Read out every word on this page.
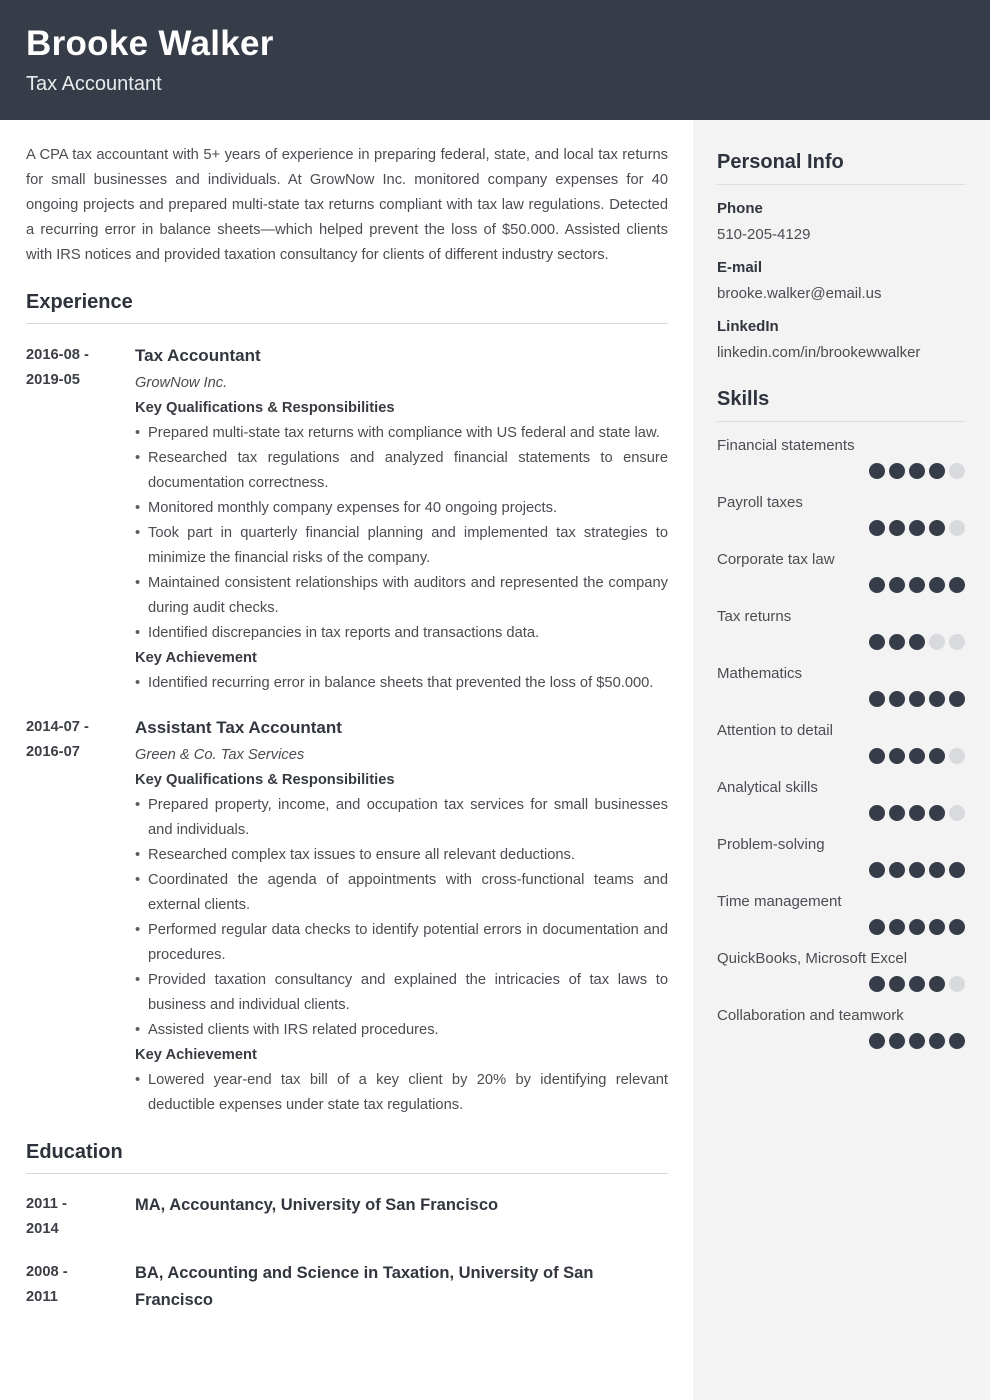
Brooke Walker
Tax Accountant

A CPA tax accountant with 5+ years of experience in preparing federal, state, and local tax returns for small businesses and individuals. At GrowNow Inc. monitored company expenses for 40 ongoing projects and prepared multi-state tax returns compliant with tax law regulations. Detected a recurring error in balance sheets—which helped prevent the loss of $50.000. Assisted clients with IRS notices and provided taxation consultancy for clients of different industry sectors.

Experience
2016-08 -
2019-05
Tax Accountant
GrowNow Inc.
Key Qualifications & Responsibilities
• Prepared multi-state tax returns with compliance with US federal and state law.
• Researched tax regulations and analyzed financial statements to ensure documentation correctness.
• Monitored monthly company expenses for 40 ongoing projects.
• Took part in quarterly financial planning and implemented tax strategies to minimize the financial risks of the company.
• Maintained consistent relationships with auditors and represented the company during audit checks.
• Identified discrepancies in tax reports and transactions data.
Key Achievement
• Identified recurring error in balance sheets that prevented the loss of $50.000.
2014-07 -
2016-07
Assistant Tax Accountant
Green & Co. Tax Services
Key Qualifications & Responsibilities
• Prepared property, income, and occupation tax services for small businesses and individuals.
• Researched complex tax issues to ensure all relevant deductions.
• Coordinated the agenda of appointments with cross-functional teams and external clients.
• Performed regular data checks to identify potential errors in documentation and procedures.
• Provided taxation consultancy and explained the intricacies of tax laws to business and individual clients.
• Assisted clients with IRS related procedures.
Key Achievement
• Lowered year-end tax bill of a key client by 20% by identifying relevant deductible expenses under state tax regulations.
Education
2011 -
2014
MA, Accountancy, University of San Francisco
2008 -
2011
BA, Accounting and Science in Taxation, University of San Francisco
Personal Info
Phone
510-205-4129
E-mail
brooke.walker@email.us
LinkedIn
linkedin.com/in/brookewwalker
Skills
Financial statements
Payroll taxes
Corporate tax law
Tax returns
Mathematics
Attention to detail
Analytical skills
Problem-solving
Time management
QuickBooks, Microsoft Excel
Collaboration and teamwork
